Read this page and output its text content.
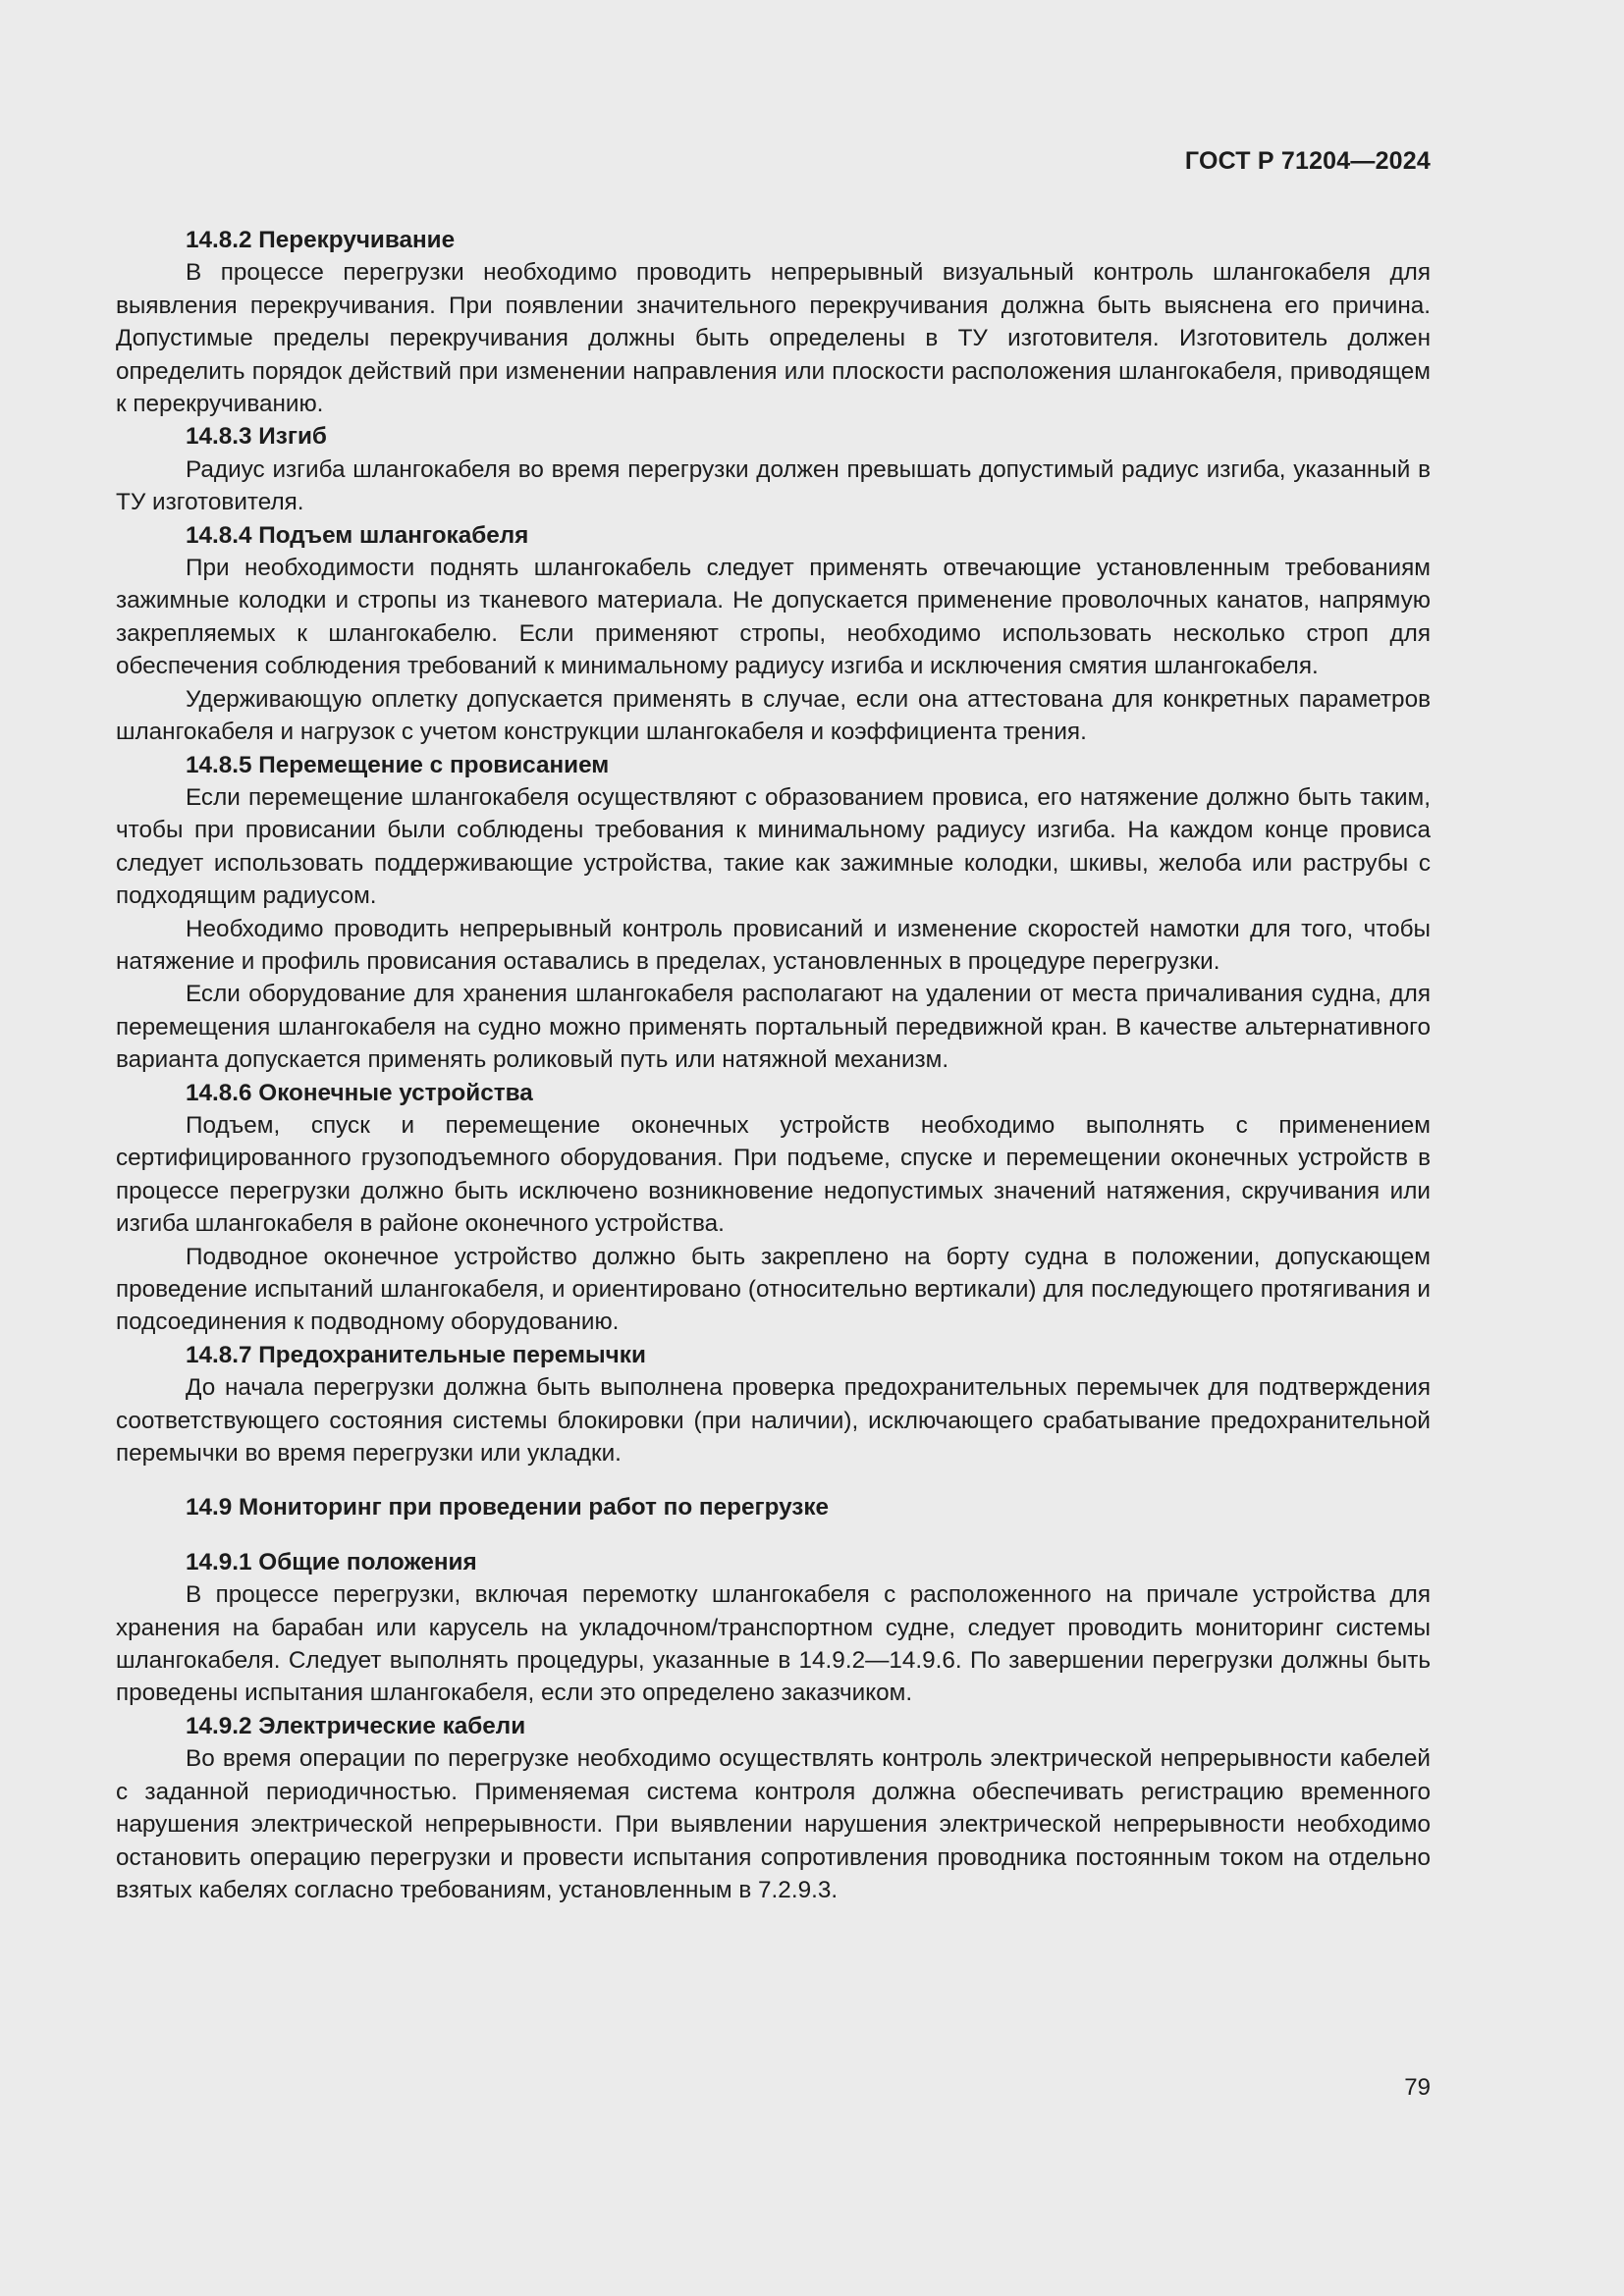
ГОСТ Р 71204—2024

14.8.2 Перекручивание

В процессе перегрузки необходимо проводить непрерывный визуальный контроль шлангокабеля для выявления перекручивания. При появлении значительного перекручивания должна быть выяснена его причина. Допустимые пределы перекручивания должны быть определены в ТУ изготовителя. Изготовитель должен определить порядок действий при изменении направления или плоскости расположения шлангокабеля, приводящем к перекручиванию.

14.8.3 Изгиб

Радиус изгиба шлангокабеля во время перегрузки должен превышать допустимый радиус изгиба, указанный в ТУ изготовителя.

14.8.4 Подъем шлангокабеля

При необходимости поднять шлангокабель следует применять отвечающие установленным требованиям зажимные колодки и стропы из тканевого материала. Не допускается применение проволочных канатов, напрямую закрепляемых к шлангокабелю. Если применяют стропы, необходимо использовать несколько строп для обеспечения соблюдения требований к минимальному радиусу изгиба и исключения смятия шлангокабеля.

Удерживающую оплетку допускается применять в случае, если она аттестована для конкретных параметров шлангокабеля и нагрузок с учетом конструкции шлангокабеля и коэффициента трения.

14.8.5 Перемещение с провисанием

Если перемещение шлангокабеля осуществляют с образованием провиса, его натяжение должно быть таким, чтобы при провисании были соблюдены требования к минимальному радиусу изгиба. На каждом конце провиса следует использовать поддерживающие устройства, такие как зажимные колодки, шкивы, желоба или раструбы с подходящим радиусом.

Необходимо проводить непрерывный контроль провисаний и изменение скоростей намотки для того, чтобы натяжение и профиль провисания оставались в пределах, установленных в процедуре перегрузки.

Если оборудование для хранения шлангокабеля располагают на удалении от места причаливания судна, для перемещения шлангокабеля на судно можно применять портальный передвижной кран. В качестве альтернативного варианта допускается применять роликовый путь или натяжной механизм.

14.8.6 Оконечные устройства

Подъем, спуск и перемещение оконечных устройств необходимо выполнять с применением сертифицированного грузоподъемного оборудования. При подъеме, спуске и перемещении оконечных устройств в процессе перегрузки должно быть исключено возникновение недопустимых значений натяжения, скручивания или изгиба шлангокабеля в районе оконечного устройства.

Подводное оконечное устройство должно быть закреплено на борту судна в положении, допускающем проведение испытаний шлангокабеля, и ориентировано (относительно вертикали) для последующего протягивания и подсоединения к подводному оборудованию.

14.8.7 Предохранительные перемычки

До начала перегрузки должна быть выполнена проверка предохранительных перемычек для подтверждения соответствующего состояния системы блокировки (при наличии), исключающего срабатывание предохранительной перемычки во время перегрузки или укладки.

14.9 Мониторинг при проведении работ по перегрузке

14.9.1 Общие положения

В процессе перегрузки, включая перемотку шлангокабеля с расположенного на причале устройства для хранения на барабан или карусель на укладочном/транспортном судне, следует проводить мониторинг системы шлангокабеля. Следует выполнять процедуры, указанные в 14.9.2—14.9.6. По завершении перегрузки должны быть проведены испытания шлангокабеля, если это определено заказчиком.

14.9.2 Электрические кабели

Во время операции по перегрузке необходимо осуществлять контроль электрической непрерывности кабелей с заданной периодичностью. Применяемая система контроля должна обеспечивать регистрацию временного нарушения электрической непрерывности. При выявлении нарушения электрической непрерывности необходимо остановить операцию перегрузки и провести испытания сопротивления проводника постоянным током на отдельно взятых кабелях согласно требованиям, установленным в 7.2.9.3.

79
